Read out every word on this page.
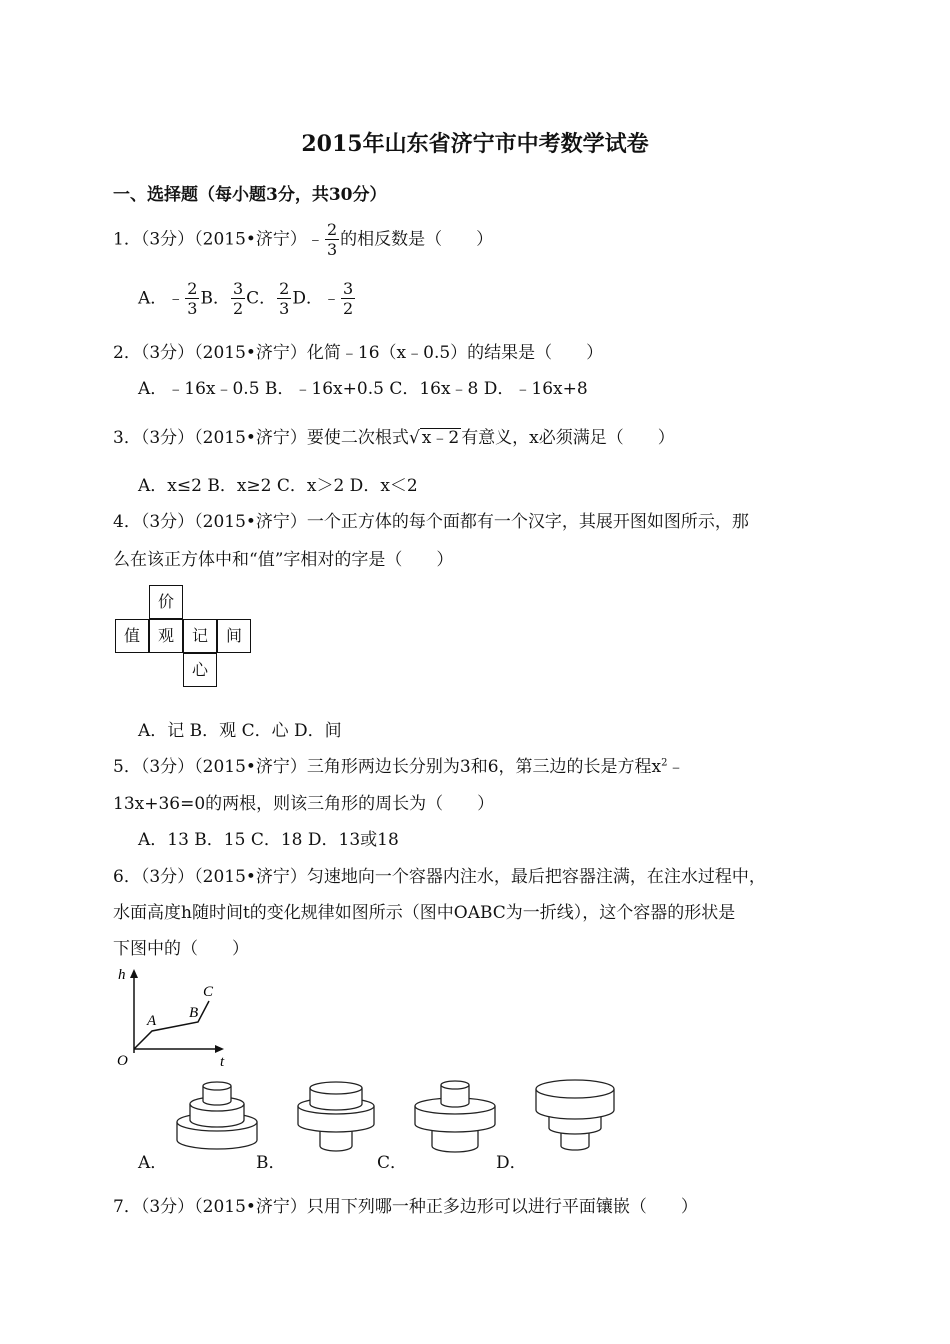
2015年山东省济宁市中考数学试卷
一、选择题（每小题3分，共30分）
1．（3分）（2015•济宁）﹣ $\frac{2}{3}$ 的相反数是（　　）
A．﹣ $\frac{2}{3}$ B． $\frac{3}{2}$ C． $\frac{2}{3}$ D．﹣ $\frac{3}{2}$
2．（3分）（2015•济宁）化简﹣16（x﹣0.5）的结果是（　　）
A．﹣16x﹣0.5 B．﹣16x+0.5 C．16x﹣8 D．﹣16x+8
3．（3分）（2015•济宁）要使二次根式√ x﹣2 有意义，x必须满足（　　）
A．x≤2 B．x≥2 C．x＞2 D．x＜2
4．（3分）（2015•济宁）一个正方体的每个面都有一个汉字，其展开图如图所示，那
么在该正方体中和“值”字相对的字是（　　）
价
值	观	记	间
心
A．记 B．观 C．心 D．间
5．（3分）（2015•济宁）三角形两边长分别为3和6，第三边的长是方程$x^2﹣$
13x+36=0的两根，则该三角形的周长为（　　）
A．13 B．15 C．18 D．13或18
6．（3分）（2015•济宁）匀速地向一个容器内注水，最后把容器注满，在注水过程中，
水面高度h随时间t的变化规律如图所示（图中OABC为一折线），这个容器的形状是
下图中的（　　）
h
t
O
A B
C
A．	B．	C．	D．
7．（3分）（2015•济宁）只用下列哪一种正多边形可以进行平面镶嵌（　　）
